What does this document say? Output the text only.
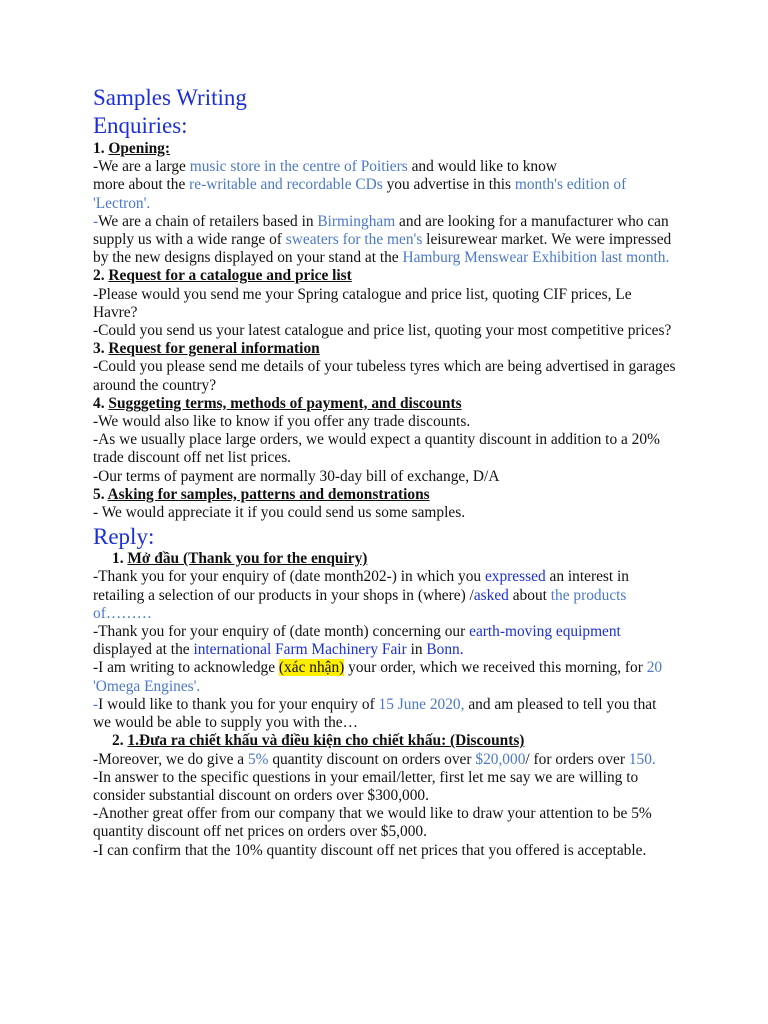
Samples Writing
Enquiries:

1. Opening:

-We are a large music store in the centre of Poitiers and would like to know
more about the re-writable and recordable CDs you advertise in this month's edition of 'Lectron'.

-We are a chain of retailers based in Birmingham and are looking for a manufacturer who can supply us with a wide range of sweaters for the men's leisurewear market. We were impressed by the new designs displayed on your stand at the Hamburg Menswear Exhibition last month.

2. Request for a catalogue and price list

-Please would you send me your Spring catalogue and price list, quoting CIF prices, Le Havre?

-Could you send us your latest catalogue and price list, quoting your most competitive prices?

3. Request for general information

-Could you please send me details of your tubeless tyres which are being advertised in garages around the country?

4. Sugggeting terms, methods of payment, and discounts

-We would also like to know if you offer any trade discounts.

-As we usually place large orders, we would expect a quantity discount in addition to a 20% trade discount off net list prices.

-Our terms of payment are normally 30-day bill of exchange, D/A

5. Asking for samples, patterns and demonstrations

- We would appreciate it if you could send us some samples.

Reply:

1. Mở đầu (Thank you for the enquiry)

-Thank you for your enquiry of (date month202-) in which you expressed an interest in retailing a selection of our products in your shops in (where) /asked about the products of………

-Thank you for your enquiry of (date month) concerning our earth-moving equipment displayed at the international Farm Machinery Fair in Bonn.

-I am writing to acknowledge (xác nhận) your order, which we received this morning, for 20 'Omega Engines'.

-I would like to thank you for your enquiry of 15 June 2020, and am pleased to tell you that we would be able to supply you with the…

2. 1.Đưa ra chiết khấu và điều kiện cho chiết khấu: (Discounts)

-Moreover, we do give a 5% quantity discount on orders over $20,000/ for orders over 150.

-In answer to the specific questions in your email/letter, first let me say we are willing to consider substantial discount on orders over $300,000.

-Another great offer from our company that we would like to draw your attention to be 5% quantity discount off net prices on orders over $5,000.

-I can confirm that the 10% quantity discount off net prices that you offered is acceptable.
